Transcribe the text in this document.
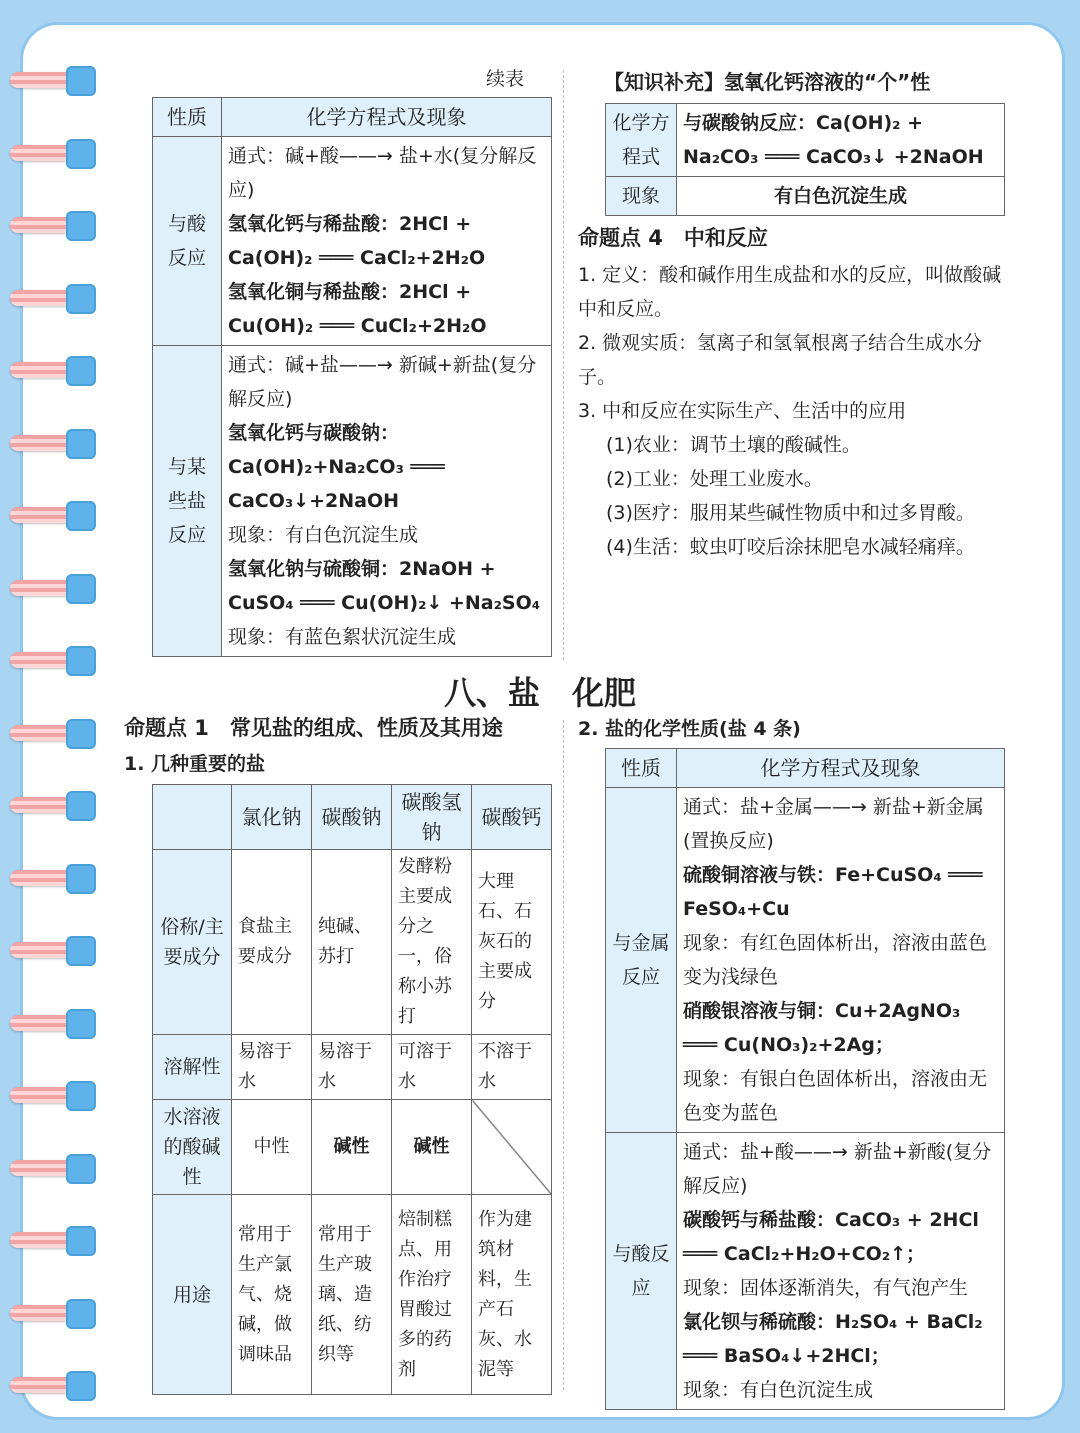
续表
性质	化学方程式及现象
与酸反应	通式：碱+酸——→ 盐+水(复分解反应)
氢氧化钙与稀盐酸：2HCl + Ca(OH)₂ ═══ CaCl₂+2H₂O
氢氧化铜与稀盐酸：2HCl + Cu(OH)₂ ═══ CuCl₂+2H₂O

与某些盐反应	通式：碱+盐——→ 新碱+新盐(复分解反应)
氢氧化钙与碳酸钠：Ca(OH)₂+Na₂CO₃ ═══ CaCO₃↓+2NaOH
现象：有白色沉淀生成
氢氧化钠与硫酸铜：2NaOH + CuSO₄ ═══ Cu(OH)₂↓ +Na₂SO₄
现象：有蓝色絮状沉淀生成
【知识补充】氢氧化钙溶液的“个”性
化学方程式	与碳酸钠反应：Ca(OH)₂ + Na₂CO₃ ═══ CaCO₃↓ +2NaOH
现象	有白色沉淀生成
命题点 4　中和反应
1. 定义：酸和碱作用生成盐和水的反应，叫做酸碱中和反应。
2. 微观实质：氢离子和氢氧根离子结合生成水分子。
3. 中和反应在实际生产、生活中的应用
(1)农业：调节土壤的酸碱性。
(2)工业：处理工业废水。
(3)医疗：服用某些碱性物质中和过多胃酸。
(4)生活：蚊虫叮咬后涂抹肥皂水减轻痛痒。
八、盐　化肥
命题点 1　常见盐的组成、性质及其用途
1. 几种重要的盐
	氯化钠	碳酸钠	碳酸氢钠	碳酸钙
俗称/主要成分	食盐主要成分	纯碱、苏打	发酵粉主要成分之一，俗称小苏打	大理石、石灰石的主要成分
溶解性	易溶于水	易溶于水	可溶于水	不溶于水
水溶液的酸碱性	中性	碱性	碱性	
用途	常用于生产氯气、烧碱，做调味品	常用于生产玻璃、造纸、纺织等	焙制糕点、用作治疗胃酸过多的药剂	作为建筑材料，生产石灰、水泥等
2. 盐的化学性质(盐 4 条)
性质	化学方程式及现象
与金属反应	通式：盐+金属——→ 新盐+新金属(置换反应)
硫酸铜溶液与铁：Fe+CuSO₄ ═══ FeSO₄+Cu
现象：有红色固体析出，溶液由蓝色变为浅绿色
硝酸银溶液与铜：Cu+2AgNO₃ ═══ Cu(NO₃)₂+2Ag；
现象：有银白色固体析出，溶液由无色变为蓝色

与酸反应	通式：盐+酸——→ 新盐+新酸(复分解反应)
碳酸钙与稀盐酸：CaCO₃ + 2HCl ═══ CaCl₂+H₂O+CO₂↑；
现象：固体逐渐消失，有气泡产生
氯化钡与稀硫酸：H₂SO₄ + BaCl₂ ═══ BaSO₄↓+2HCl；
现象：有白色沉淀生成
